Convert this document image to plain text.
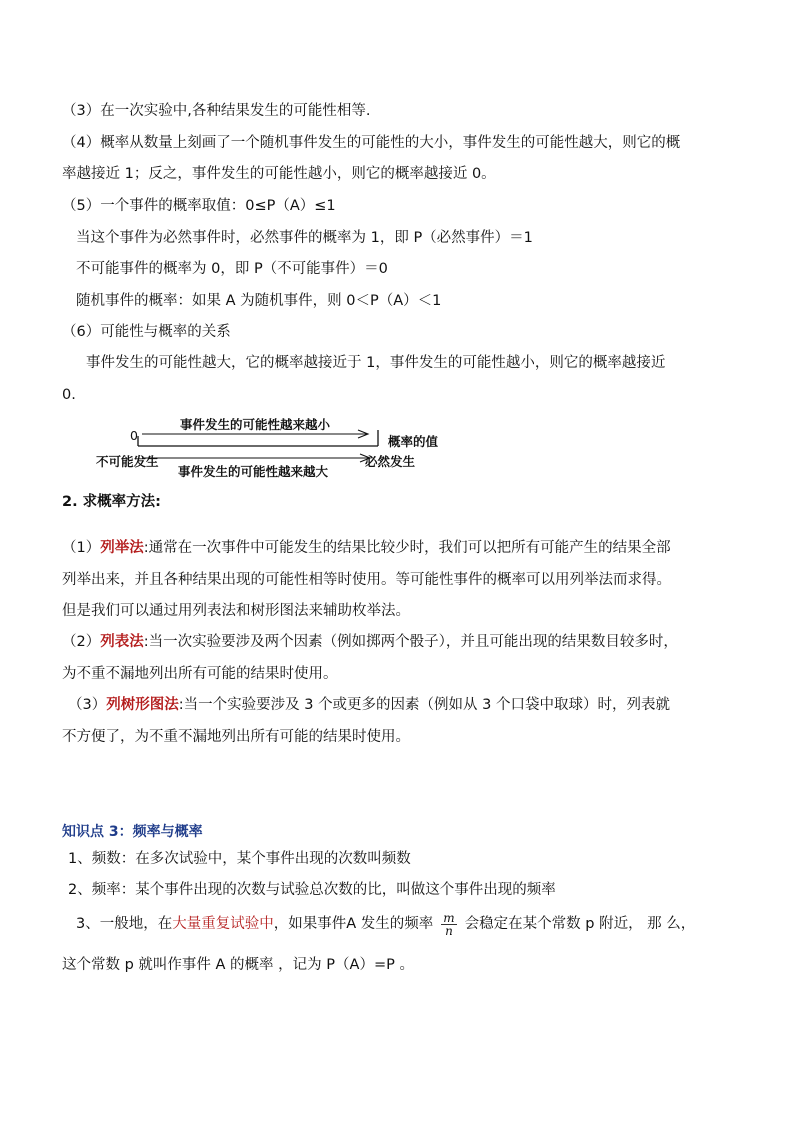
（3）在一次实验中,各种结果发生的可能性相等.
（4）概率从数量上刻画了一个随机事件发生的可能性的大小，事件发生的可能性越大，则它的概
率越接近 1；反之，事件发生的可能性越小，则它的概率越接近 0。
（5）一个事件的概率取值：0≤P（A）≤1
当这个事件为必然事件时，必然事件的概率为 1，即 P（必然事件）＝1
不可能事件的概率为 0，即 P（不可能事件）＝0
随机事件的概率：如果 A 为随机事件，则 0＜P（A）＜1
（6）可能性与概率的关系
事件发生的可能性越大，它的概率越接近于 1，事件发生的可能性越小，则它的概率越接近
0.
0
事件发生的可能性越来越小
概率的值
不可能发生
事件发生的可能性越来越大
必然发生
2. 求概率方法:
（1）列举法:通常在一次事件中可能发生的结果比较少时，我们可以把所有可能产生的结果全部
列举出来，并且各种结果出现的可能性相等时使用。等可能性事件的概率可以用列举法而求得。
但是我们可以通过用列表法和树形图法来辅助枚举法。
（2）列表法:当一次实验要涉及两个因素（例如掷两个骰子），并且可能出现的结果数目较多时，
为不重不漏地列出所有可能的结果时使用。
（3）列树形图法:当一个实验要涉及 3 个或更多的因素（例如从 3 个口袋中取球）时，列表就
不方便了，为不重不漏地列出所有可能的结果时使用。
知识点 3：频率与概率
1、频数：在多次试验中，某个事件出现的次数叫频数
2、频率：某个事件出现的次数与试验总次数的比，叫做这个事件出现的频率
3、一般地，在大量重复试验中，如果事件A 发生的频率 $\frac{m}{n}$ 会稳定在某个常数 p 附近， 那 么，
这个常数 p 就叫作事件 A 的概率 ，记为 P（A）=P 。
